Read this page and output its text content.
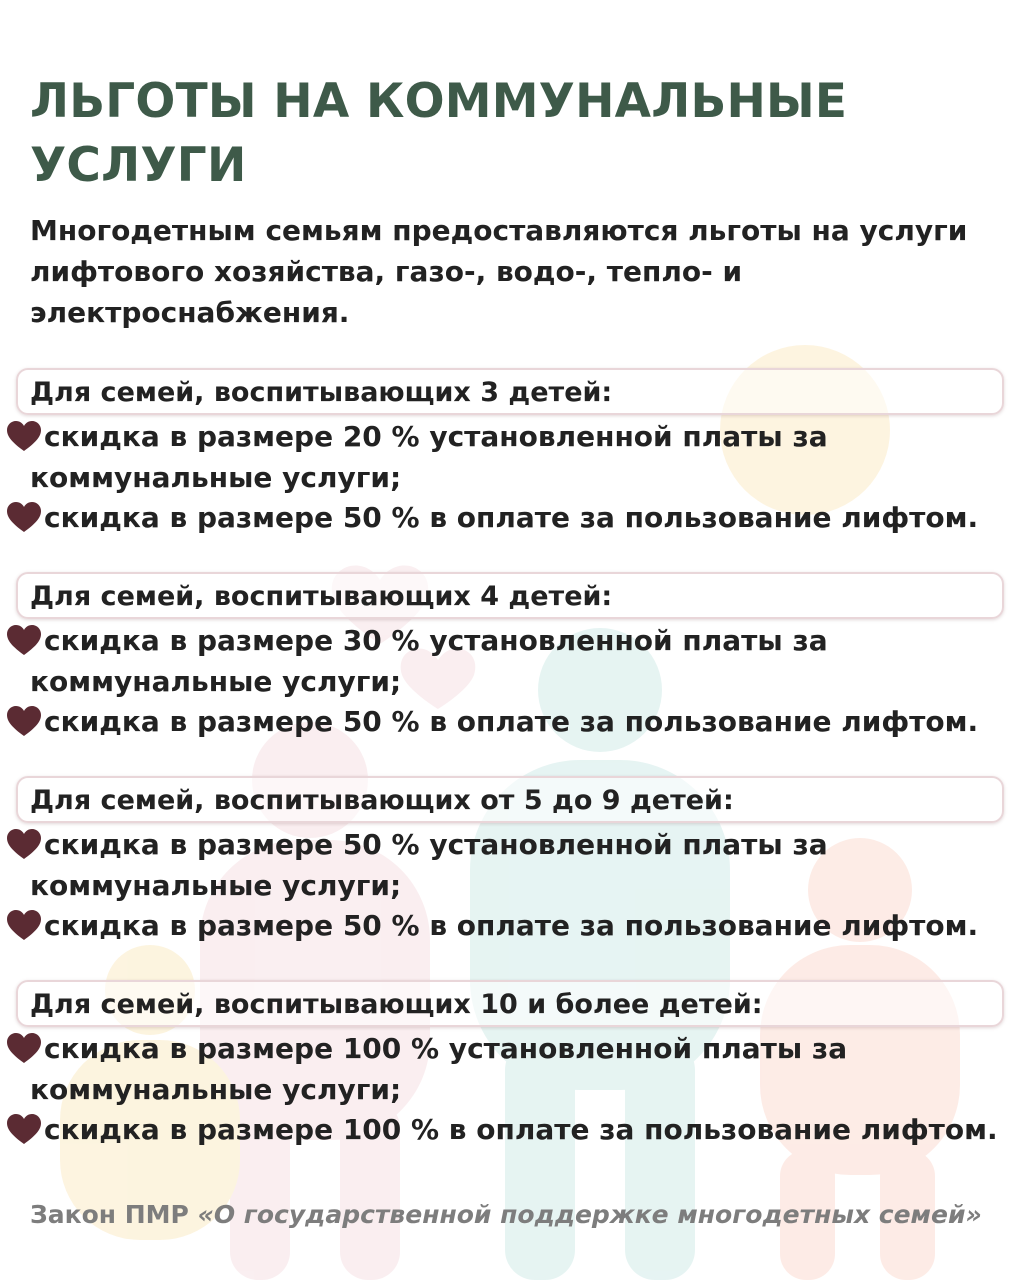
ЛЬГОТЫ НА КОММУНАЛЬНЫЕ УСЛУГИ

Многодетным семьям предоставляются льготы на услуги лифтового хозяйства, газо-, водо-, тепло- и электроснабжения.

Для семей, воспитывающих 3 детей:
скидка в размере 20 % установленной платы за коммунальные услуги;
скидка в размере 50 % в оплате за пользование лифтом.
Для семей, воспитывающих 4 детей:
скидка в размере 30 % установленной платы за коммунальные услуги;
скидка в размере 50 % в оплате за пользование лифтом.
Для семей, воспитывающих от 5 до 9 детей:
скидка в размере 50 % установленной платы за коммунальные услуги;
скидка в размере 50 % в оплате за пользование лифтом.
Для семей, воспитывающих 10 и более детей:
скидка в размере 100 % установленной платы за коммунальные услуги;
скидка в размере 100 % в оплате за пользование лифтом.
Закон ПМР «О государственной поддержке многодетных семей»
